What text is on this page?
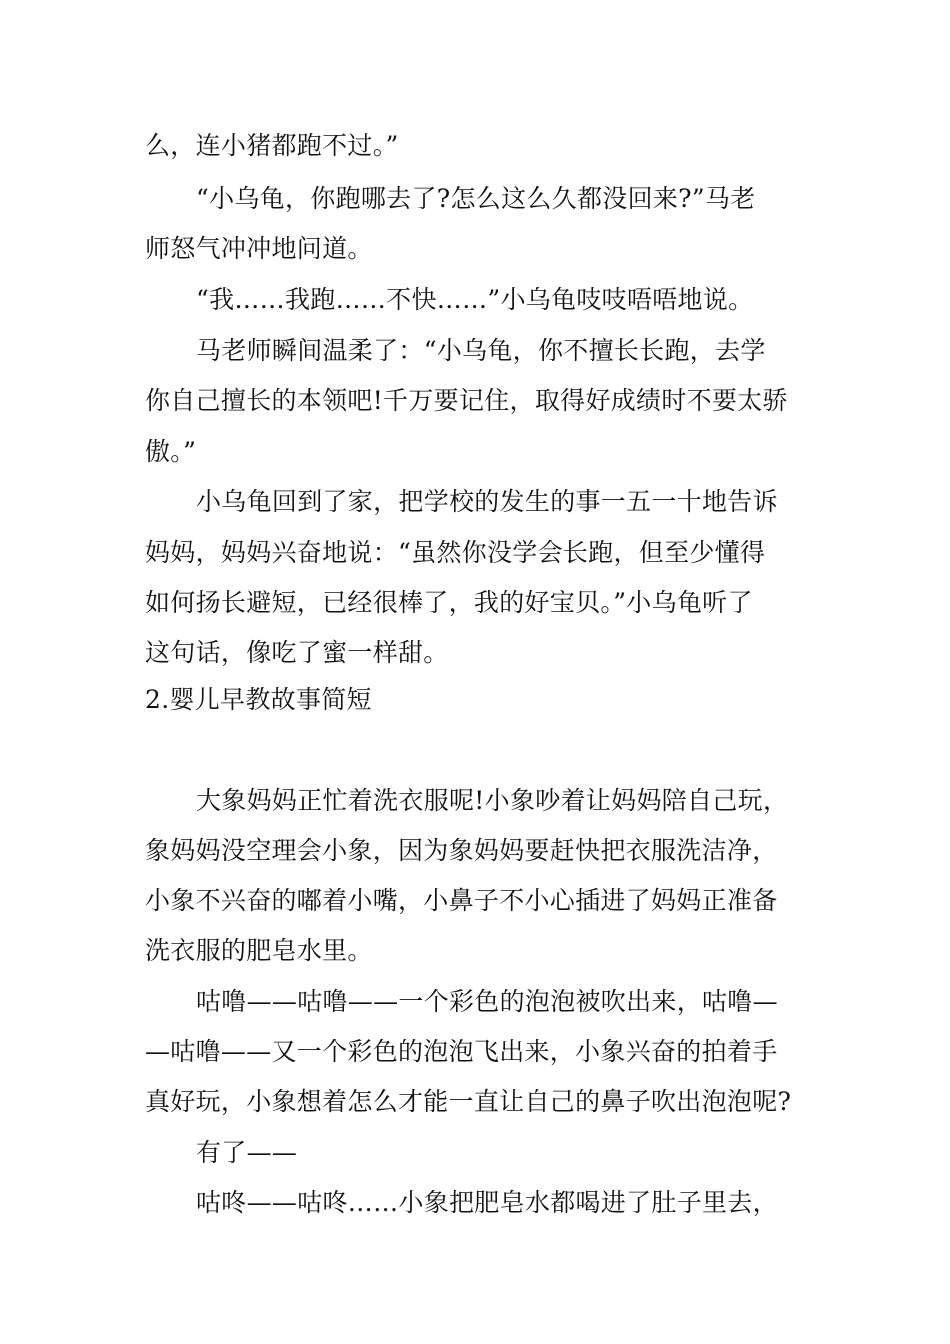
么，连小猪都跑不过。”
“小乌龟，你跑哪去了?怎么这么久都没回来?”马老
师怒气冲冲地问道。
“我……我跑……不快……”小乌龟吱吱唔唔地说。
马老师瞬间温柔了：“小乌龟，你不擅长长跑，去学
你自己擅长的本领吧!千万要记住，取得好成绩时不要太骄
傲。”
小乌龟回到了家，把学校的发生的事一五一十地告诉
妈妈，妈妈兴奋地说：“虽然你没学会长跑，但至少懂得
如何扬长避短，已经很棒了，我的好宝贝。”小乌龟听了
这句话，像吃了蜜一样甜。
2.婴儿早教故事简短
大象妈妈正忙着洗衣服呢!小象吵着让妈妈陪自己玩，
象妈妈没空理会小象，因为象妈妈要赶快把衣服洗洁净，
小象不兴奋的嘟着小嘴，小鼻子不小心插进了妈妈正准备
洗衣服的肥皂水里。
咕噜——咕噜——一个彩色的泡泡被吹出来，咕噜—
—咕噜——又一个彩色的泡泡飞出来，小象兴奋的拍着手
真好玩，小象想着怎么才能一直让自己的鼻子吹出泡泡呢?
有了——
咕咚——咕咚……小象把肥皂水都喝进了肚子里去，
